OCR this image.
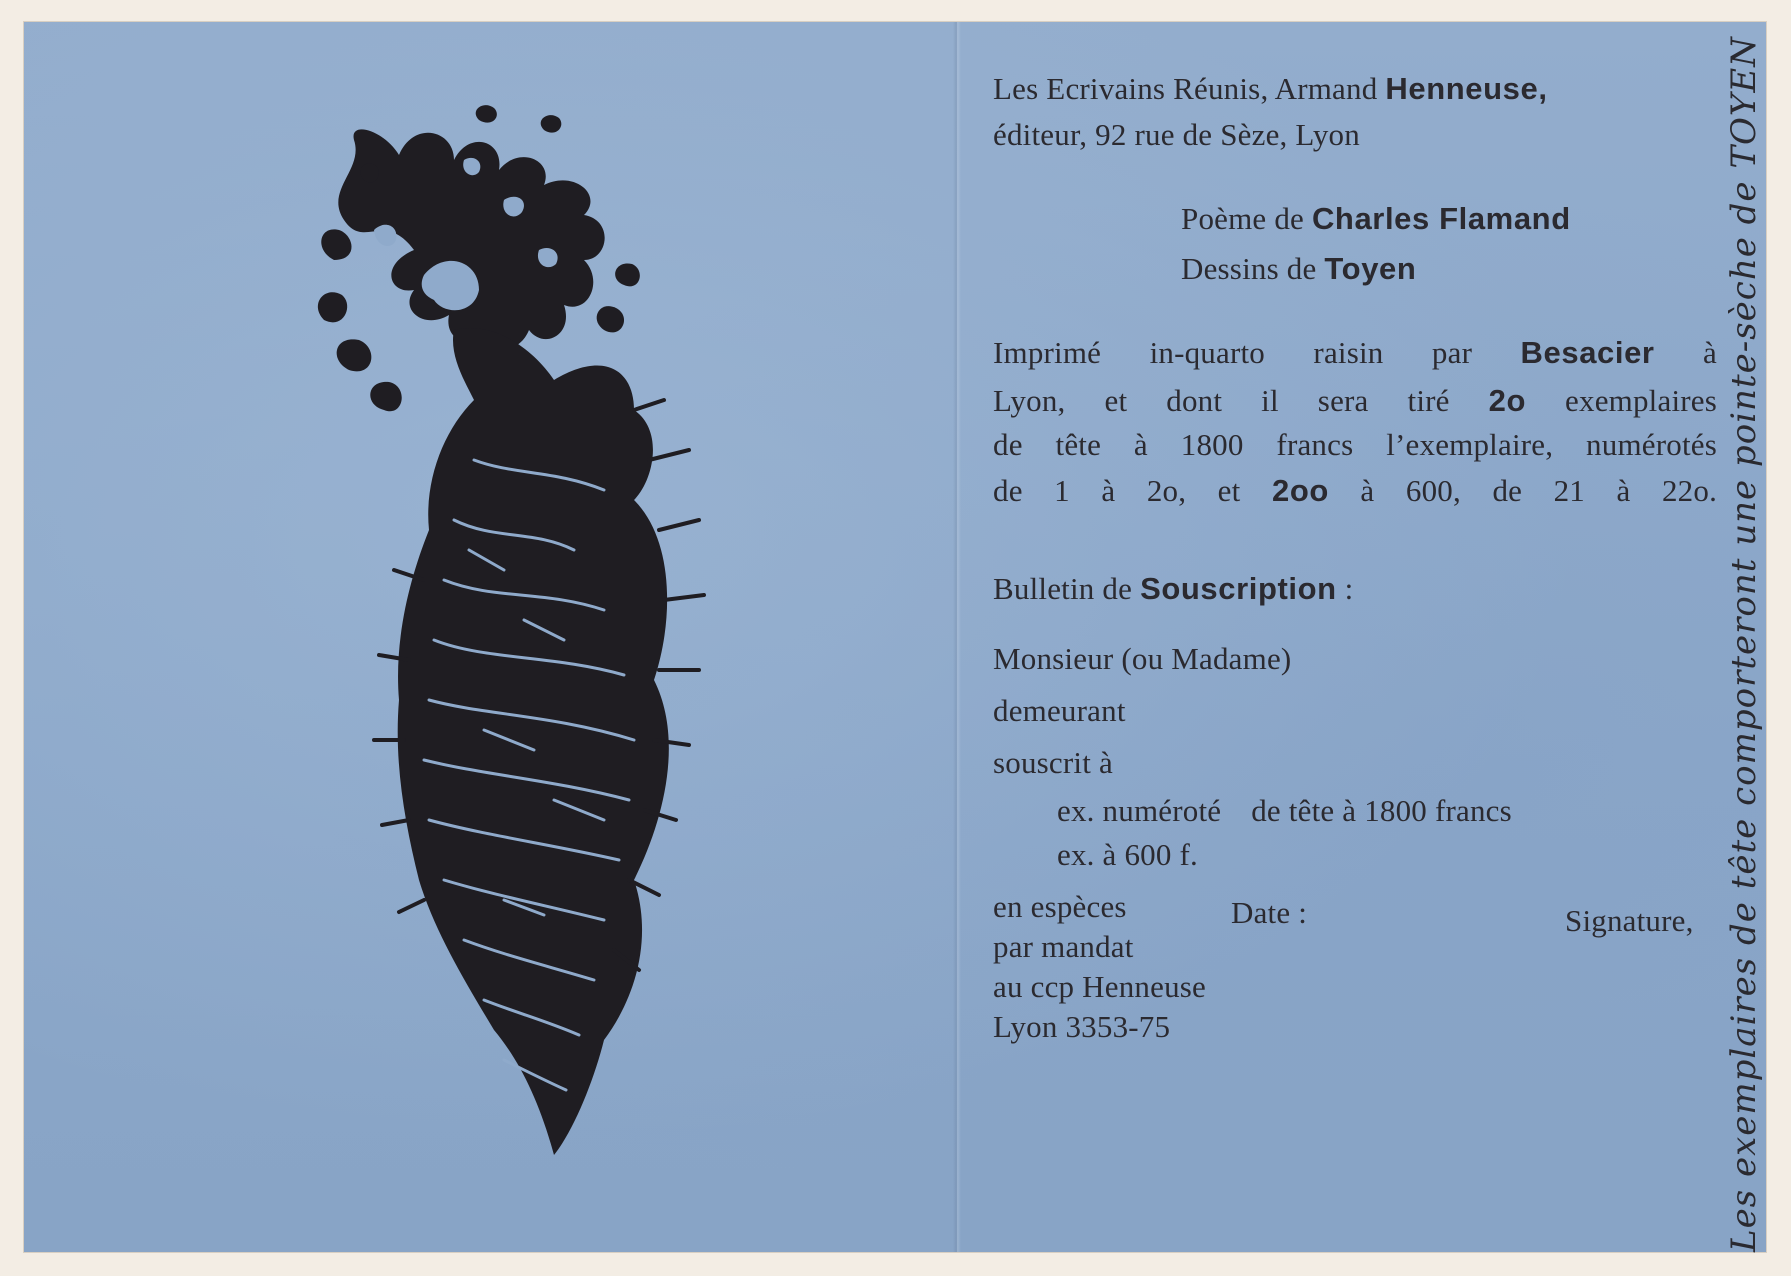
Les Ecrivains Réunis, Armand Henneuse,
éditeur, 92 rue de Sèze, Lyon
Poème de Charles Flamand
Dessins de Toyen
Imprimé in-quarto raisin par Besacier à
Lyon, et dont il sera tiré 2o exemplaires
de tête à 1800 francs l’exemplaire, numérotés
de 1 à 2o, et 2oo à 600, de 21 à 22o.
Bulletin de Souscription :
Monsieur (ou Madame)
demeurant
souscrit à
ex. numéroté de tête à 1800 francs
ex. à 600 f.
en espèces
par mandat
au ccp Henneuse
Lyon 3353-75
Date :	Signature, Les exemplaires de tête comporteront une pointe-sèche de TOYEN
